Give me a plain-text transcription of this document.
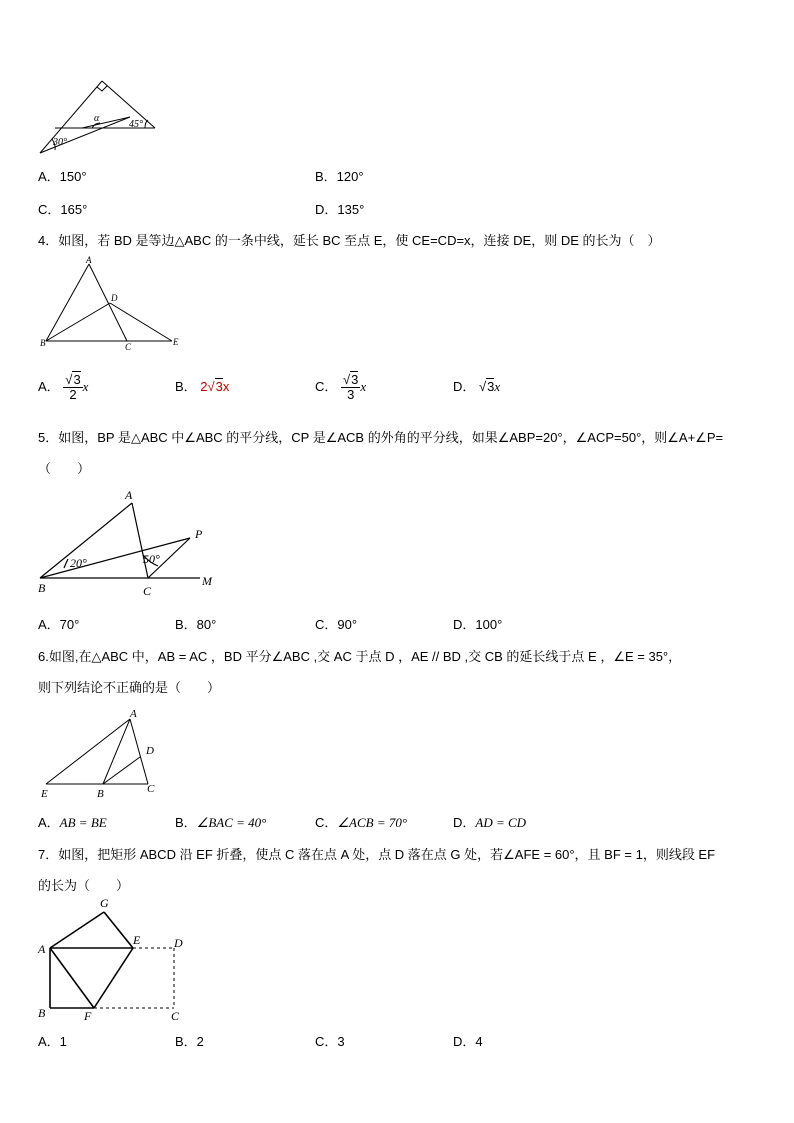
30°
α
45°
A．150°	B．120°
C．165°	D．135°
4．如图，若 BD 是等边△ABC 的一条中线，延长 BC 至点 E，使 CE=CD=x，连接 DE，则 DE 的长为（　）
A
B	C
D
E
A． $\frac{√3}{2}$ x	B． 2√3x	C． $\frac{√3}{3}$ x	D． √3x
5．如图，BP 是△ABC 中∠ABC 的平分线，CP 是∠ACB 的外角的平分线，如果∠ABP=20°，∠ACP=50°，则∠A+∠P=
（　　）
A
B	C
P
M
20°	50°
A．70°	B．80°	C．90°	D．100°
6.如图,在△ABC 中，AB = AC ，BD 平分∠ABC ,交 AC 于点 D ，AE // BD ,交 CB 的延长线于点 E ，∠E = 35°，
则下列结论不正确的是（　　）
A
B	C
D
E
A．AB = BE	B．∠BAC = 40°	C．∠ACB = 70°	D．AD = CD
7．如图，把矩形 ABCD 沿 EF 折叠，使点 C 落在点 A 处，点 D 落在点 G 处，若∠AFE = 60°，且 BF = 1，则线段 EF
的长为（　　）
A
B	C
D
E
F
G
A．1	B．2	C．3	D．4
